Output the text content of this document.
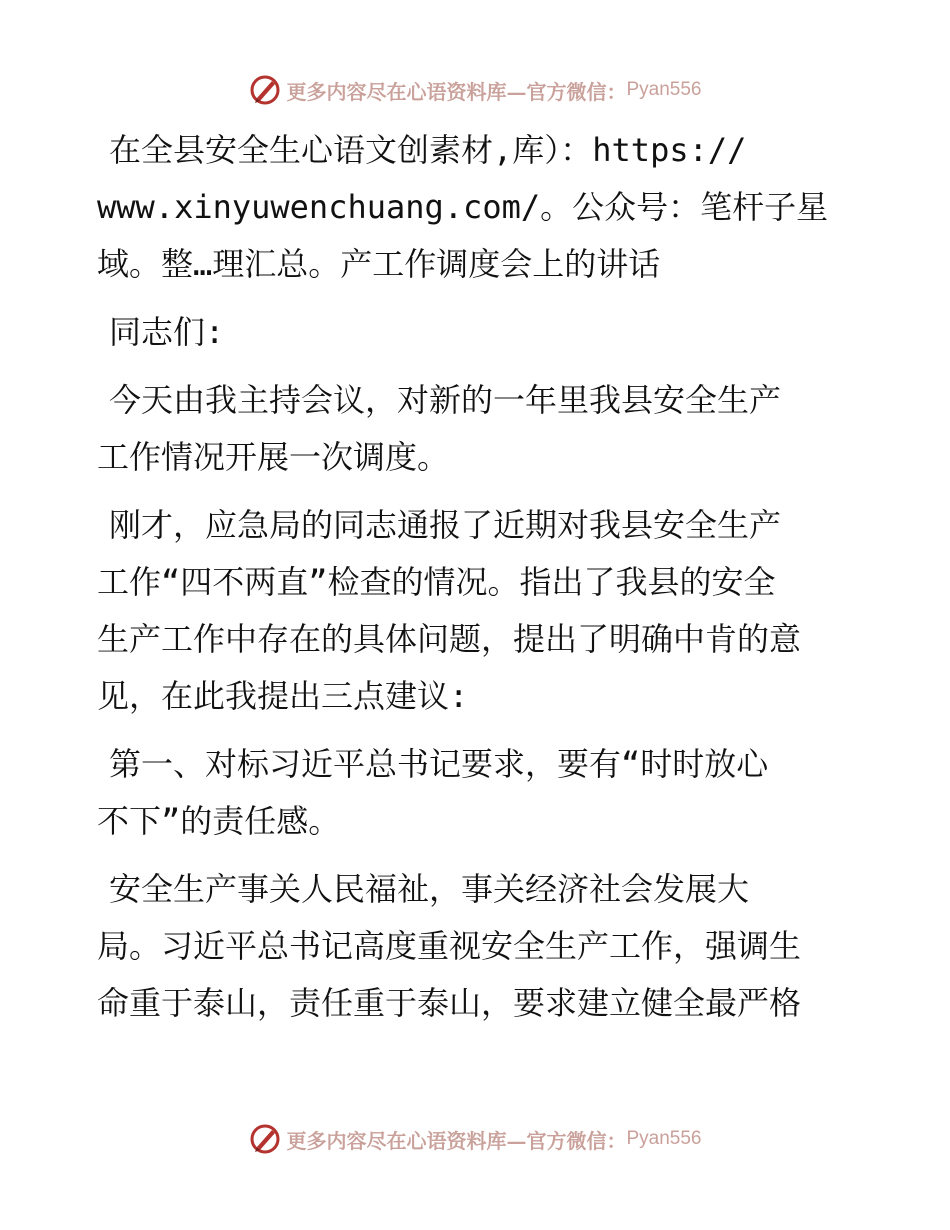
更多内容尽在心语资料库—官方微信： Pyan556

在全县安全生心语文创素材,库）：https://
www.xinyuwenchuang.com/。公众号：笔杆子星
域。整…理汇总。产工作调度会上的讲话

同志们:

今天由我主持会议，对新的一年里我县安全生产
工作情况开展一次调度。

刚才，应急局的同志通报了近期对我县安全生产
工作“四不两直”检查的情况。指出了我县的安全
生产工作中存在的具体问题，提出了明确中肯的意
见，在此我提出三点建议:

第一、对标习近平总书记要求，要有“时时放心
不下”的责任感。

安全生产事关人民福祉，事关经济社会发展大
局。习近平总书记高度重视安全生产工作，强调生
命重于泰山，责任重于泰山，要求建立健全最严格

更多内容尽在心语资料库—官方微信： Pyan556
